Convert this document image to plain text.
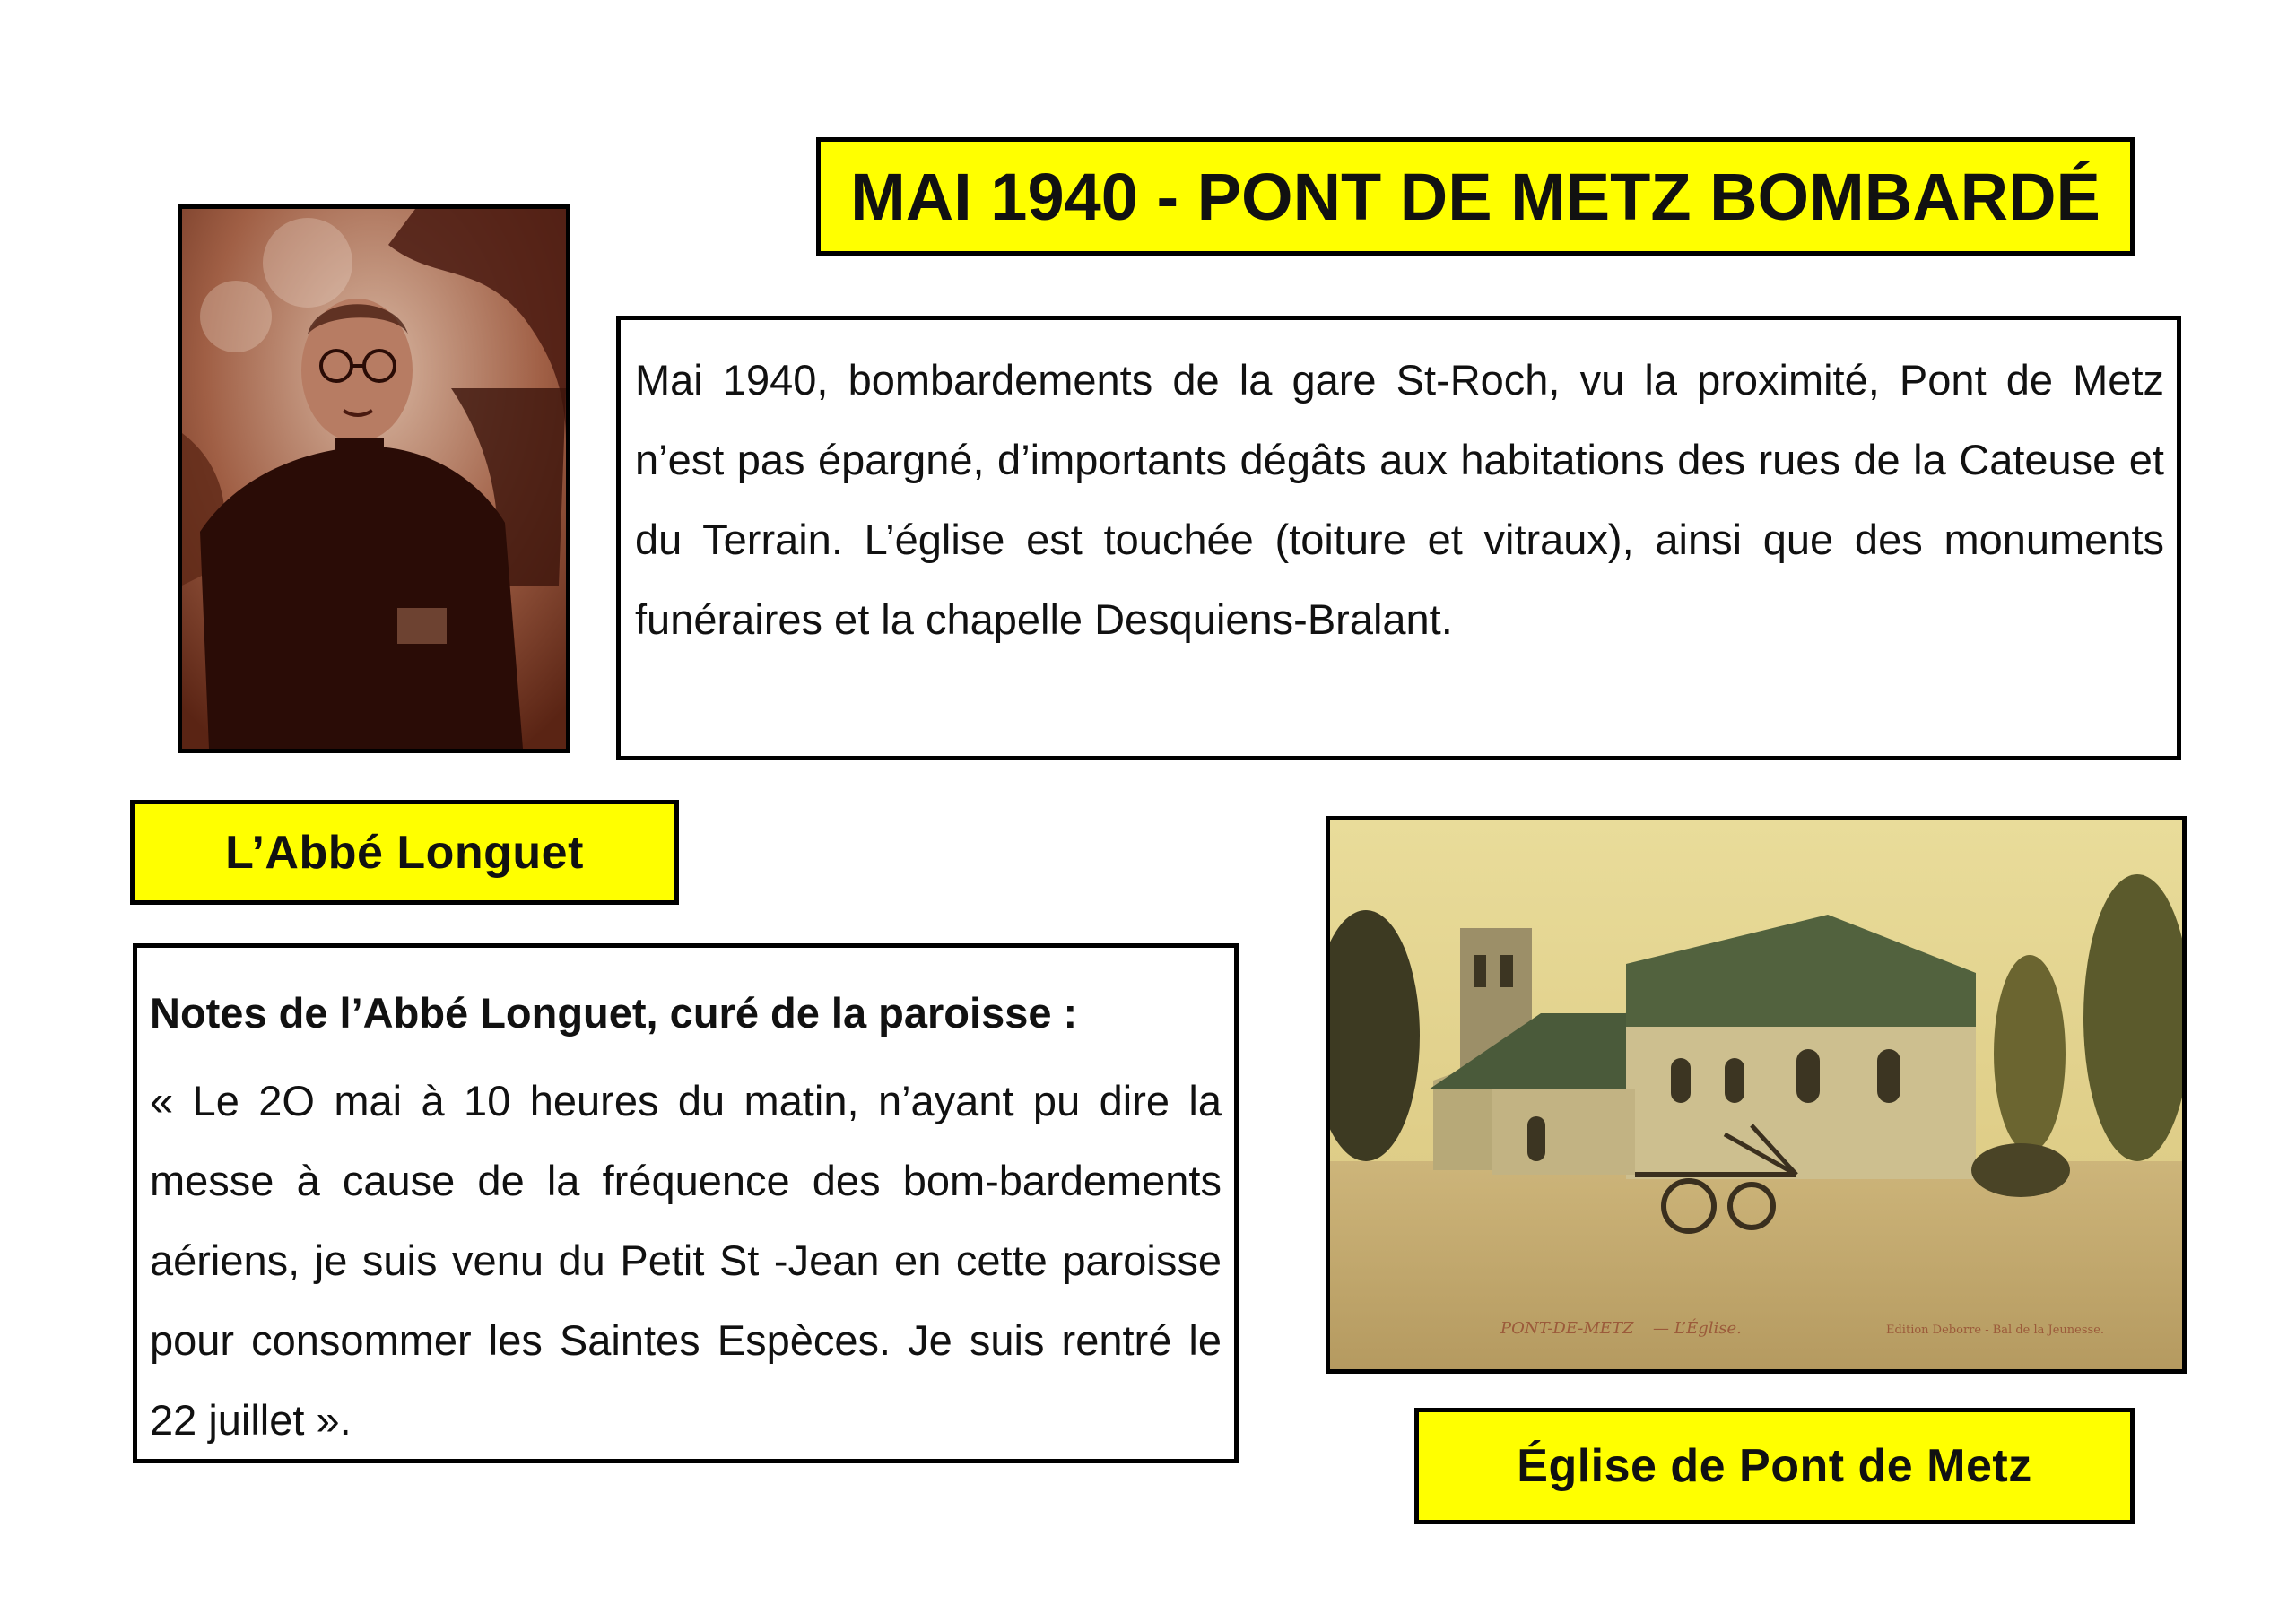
MAI 1940 - PONT DE METZ BOMBARDÉ
Mai 1940, bombardements de la gare St-Roch, vu la proximité, Pont de Metz n’est pas épargné, d’importants dégâts aux habitations des rues de la Cateuse et du Terrain. L’église est touchée (toiture et vitraux), ainsi que des monuments funéraires et la chapelle Desquiens-Bralant.
L’Abbé Longuet
Notes de l’Abbé Longuet, curé de la paroisse :
« Le 2O mai à 10 heures du matin, n’ayant pu dire la messe à cause de la fréquence des bom-bardements aériens, je suis venu du Petit St -Jean en cette paroisse pour consommer les Saintes Espèces. Je suis rentré le 22 juillet ».
PONT-DE-METZ — L’Église.	Edition Deborre - Bal de la Jeunesse.
Église de Pont de Metz
